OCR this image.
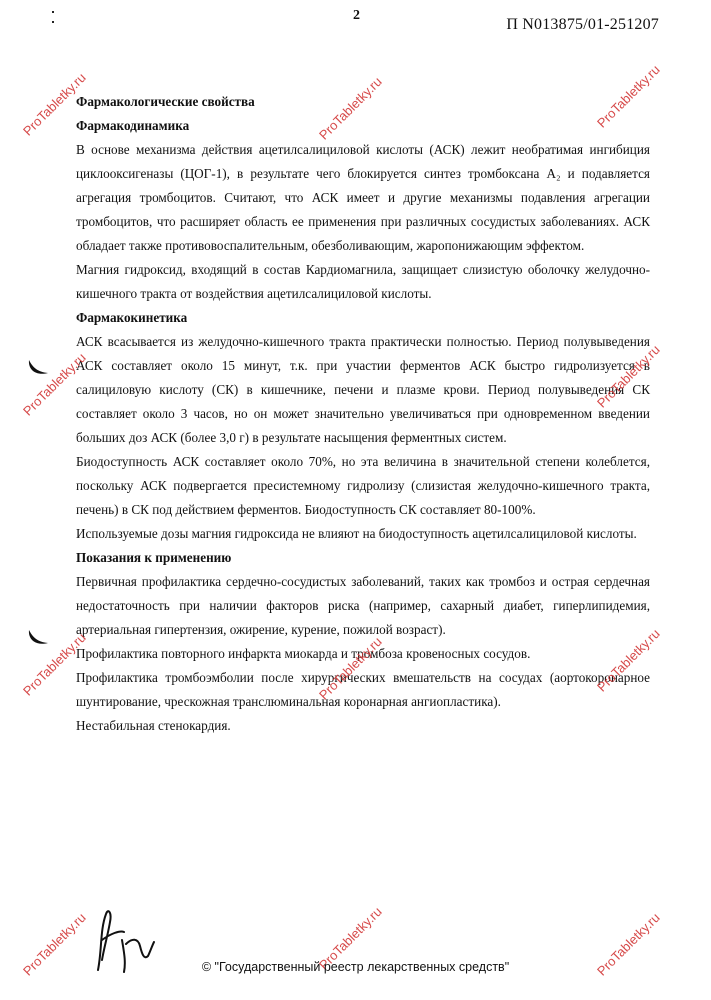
2
П N013875/01-251207

Фармакологические свойства

Фармакодинамика

В основе механизма действия ацетилсалициловой кислоты (АСК) лежит необратимая ингибиция циклооксигеназы (ЦОГ-1), в результате чего блокируется синтез тромбоксана A₂ и подавляется агрегация тромбоцитов. Считают, что АСК имеет и другие механизмы подавления агрегации тромбоцитов, что расширяет область ее применения при различных сосудистых заболеваниях. АСК обладает также противовоспалительным, обезболивающим, жаропонижающим эффектом.

Магния гидроксид, входящий в состав Кардиомагнила, защищает слизистую оболочку желудочно-кишечного тракта от воздействия ацетилсалициловой кислоты.

Фармакокинетика

АСК всасывается из желудочно-кишечного тракта практически полностью. Период полувыведения АСК составляет около 15 минут, т.к. при участии ферментов АСК быстро гидролизуется в салициловую кислоту (СК) в кишечнике, печени и плазме крови. Период полувыведения СК составляет около 3 часов, но он может значительно увеличиваться при одновременном введении больших доз АСК (более 3,0 г) в результате насыщения ферментных систем.

Биодоступность АСК составляет около 70%, но эта величина в значительной степени колеблется, поскольку АСК подвергается пресистемному гидролизу (слизистая желудочно-кишечного тракта, печень) в СК под действием ферментов. Биодоступность СК составляет 80-100%.

Используемые дозы магния гидроксида не влияют на биодоступность ацетилсалициловой кислоты.

Показания к применению

Первичная профилактика сердечно-сосудистых заболеваний, таких как тромбоз и острая сердечная недостаточность при наличии факторов риска (например, сахарный диабет, гиперлипидемия, артериальная гипертензия, ожирение, курение, пожилой возраст).

Профилактика повторного инфаркта миокарда и тромбоза кровеносных сосудов.

Профилактика тромбоэмболии после хирургических вмешательств на сосудах (аортокоронарное шунтирование, чрескожная транслюминальная коронарная ангиопластика).

Нестабильная стенокардия.

ProTabletky.ru	ProTabletky.ru	ProTabletky.ru
ProTabletky.ru	ProTabletky.ru
ProTabletky.ru	ProTabletky.ru	ProTabletky.ru
ProTabletky.ru	ProTabletky.ru	ProTabletky.ru
© "Государственный реестр лекарственных средств"
